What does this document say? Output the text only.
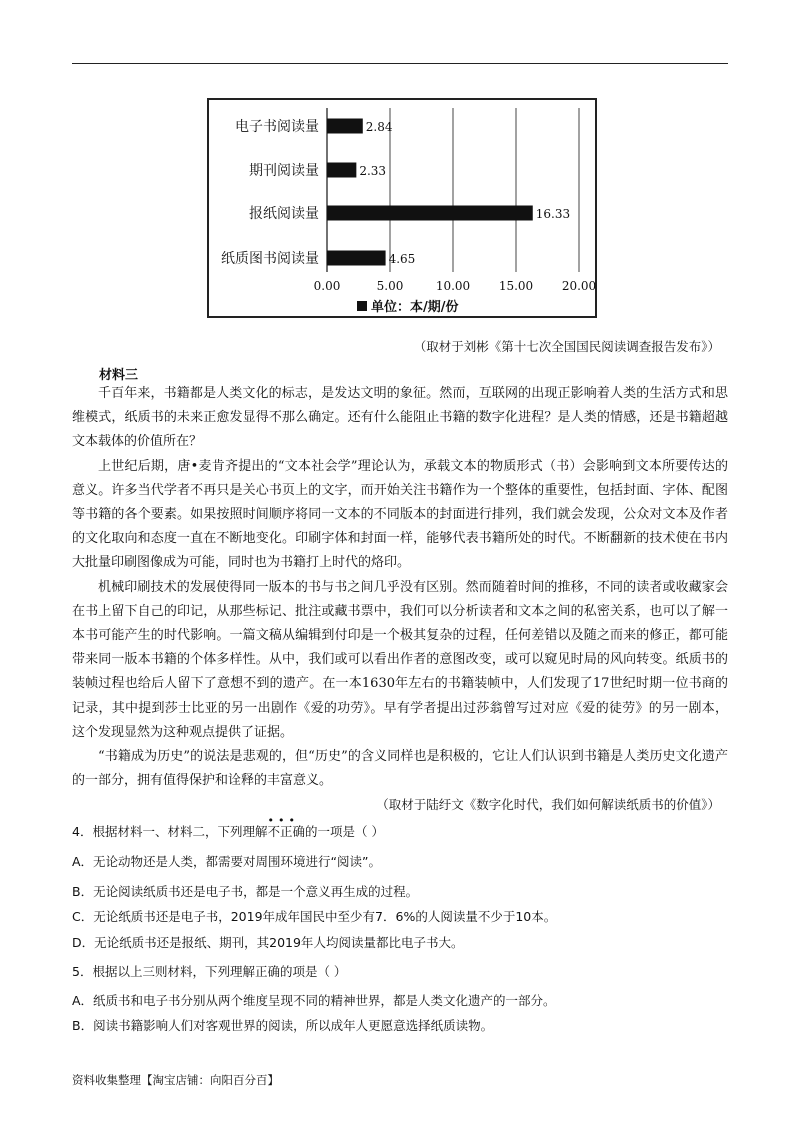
0.00	5.00	10.00 15.00 20.00
电子书阅读量	2.84
期刊阅读量	2.33
报纸阅读量	16.33
纸质图书阅读量	4.65
单位：本/期/份
（取材于刘彬《第十七次全国国民阅读调查报告发布》）
材料三

千百年来，书籍都是人类文化的标志，是发达文明的象征。然而，互联网的出现正影响着人类的生活方式和思维模式，纸质书的未来正愈发显得不那么确定。还有什么能阻止书籍的数字化进程？是人类的情感，还是书籍超越文本载体的价值所在？

上世纪后期，唐•麦肯齐提出的“文本社会学”理论认为，承载文本的物质形式（书）会影响到文本所要传达的意义。许多当代学者不再只是关心书页上的文字，而开始关注书籍作为一个整体的重要性，包括封面、字体、配图等书籍的各个要素。如果按照时间顺序将同一文本的不同版本的封面进行排列，我们就会发现，公众对文本及作者的文化取向和态度一直在不断地变化。印刷字体和封面一样，能够代表书籍所处的时代。不断翻新的技术使在书内大批量印刷图像成为可能，同时也为书籍打上时代的烙印。

机械印刷技术的发展使得同一版本的书与书之间几乎没有区别。然而随着时间的推移，不同的读者或收藏家会在书上留下自己的印记，从那些标记、批注或藏书票中，我们可以分析读者和文本之间的私密关系，也可以了解一本书可能产生的时代影响。一篇文稿从编辑到付印是一个极其复杂的过程，任何差错以及随之而来的修正，都可能带来同一版本书籍的个体多样性。从中，我们或可以看出作者的意图改变，或可以窥见时局的风向转变。纸质书的装帧过程也给后人留下了意想不到的遗产。在一本1630年左右的书籍装帧中，人们发现了17世纪时期一位书商的记录，其中提到莎士比亚的另一出剧作《爱的功劳》。早有学者提出过莎翁曾写过对应《爱的徒劳》的另一剧本，这个发现显然为这种观点提供了证据。

“书籍成为历史”的说法是悲观的，但“历史”的含义同样也是积极的，它让人们认识到书籍是人类历史文化遗产的一部分，拥有值得保护和诠释的丰富意义。

（取材于陆纡文《数字化时代，我们如何解读纸质书的价值》）
4．根据材料一、材料二，下列理解
•••
不正确的一项是（ ）
A．无论动物还是人类，都需要对周围环境进行“阅读”。
B．无论阅读纸质书还是电子书，都是一个意义再生成的过程。
C．无论纸质书还是电子书，2019年成年国民中至少有7．6%的人阅读量不少于10本。
D．无论纸质书还是报纸、期刊，其2019年人均阅读量都比电子书大。
5．根据以上三则材料，下列理解正确的项是（ ）
A．纸质书和电子书分别从两个维度呈现不同的精神世界，都是人类文化遗产的一部分。
B．阅读书籍影响人们对客观世界的阅读，所以成年人更愿意选择纸质读物。
资料收集整理【淘宝店铺：向阳百分百】
